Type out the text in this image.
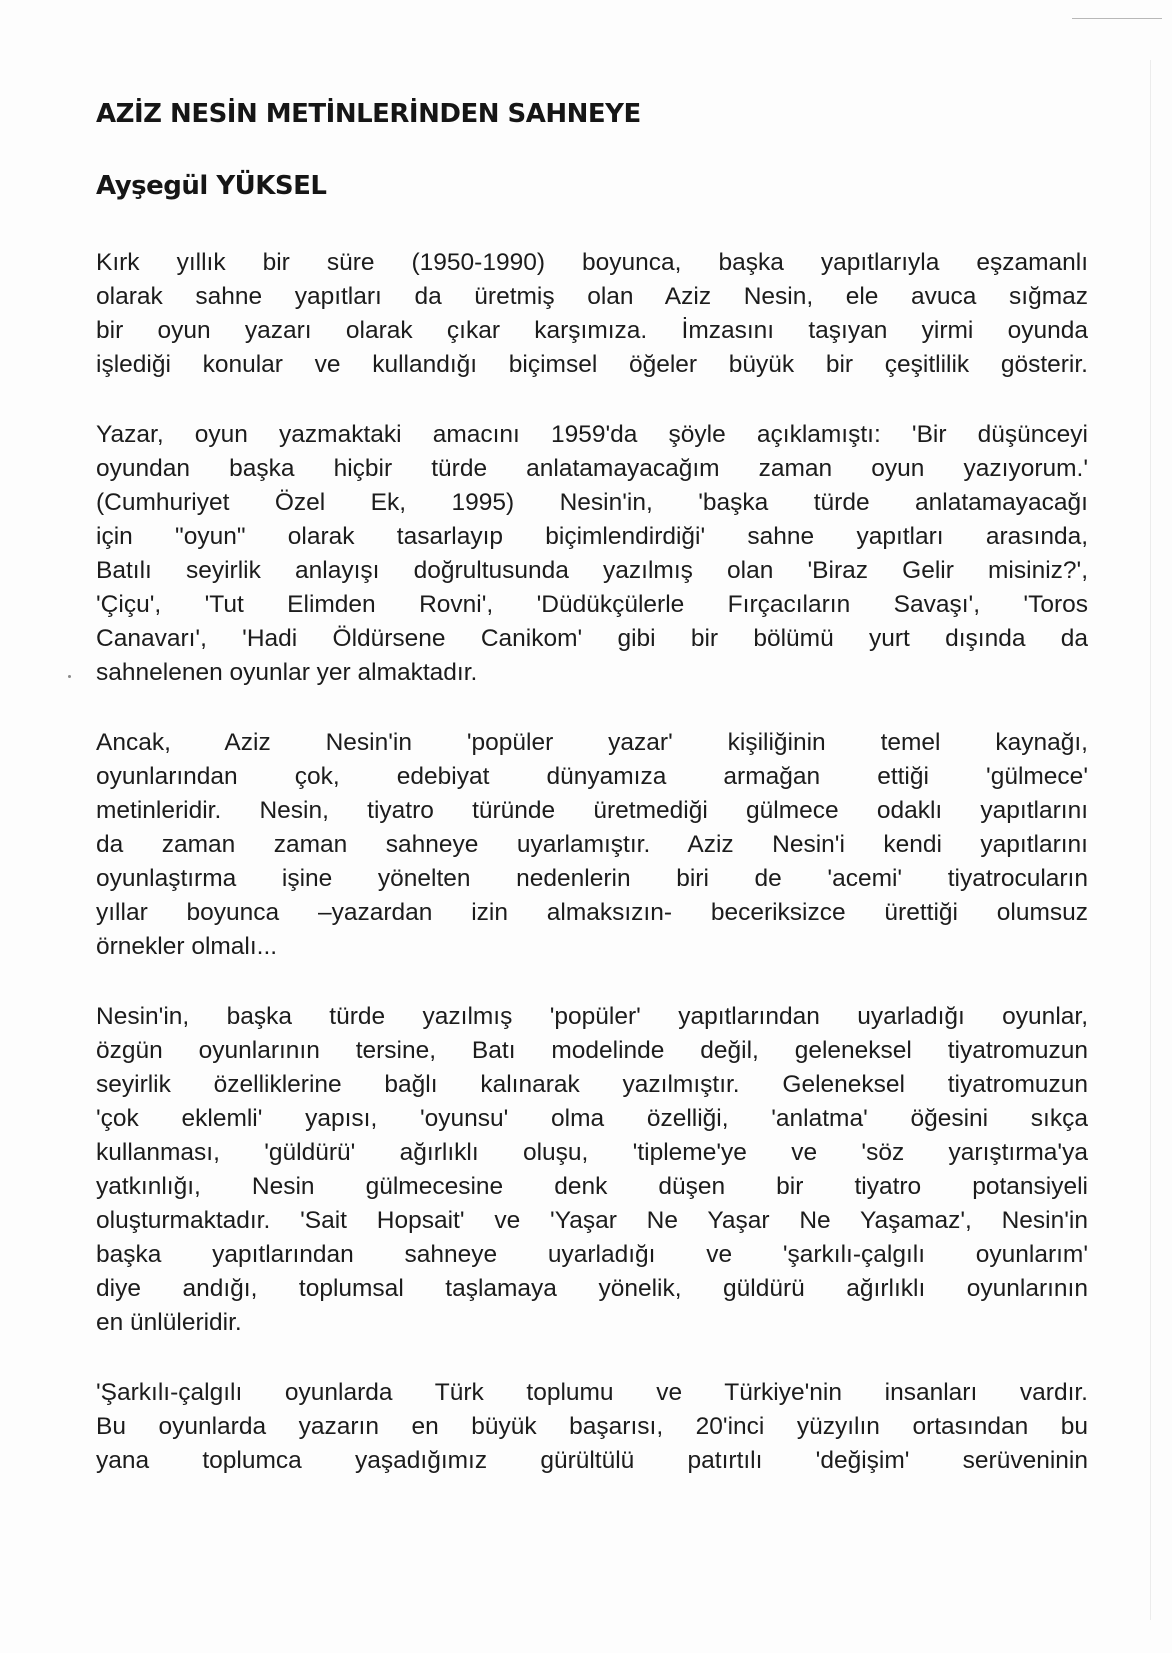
AZİZ NESİN METİNLERİNDEN SAHNEYE
Ayşegül YÜKSEL
Kırk yıllık bir süre (1950-1990) boyunca, başka yapıtlarıyla eşzamanlı
olarak sahne yapıtları da üretmiş olan Aziz Nesin, ele avuca sığmaz
bir oyun yazarı olarak çıkar karşımıza. İmzasını taşıyan yirmi oyunda
işlediği konular ve kullandığı biçimsel öğeler büyük bir çeşitlilik gösterir.
Yazar, oyun yazmaktaki amacını 1959'da şöyle açıklamıştı: 'Bir düşünceyi
oyundan başka hiçbir türde anlatamayacağım zaman oyun yazıyorum.'
(Cumhuriyet Özel Ek, 1995) Nesin'in, 'başka türde anlatamayacağı
için "oyun" olarak tasarlayıp biçimlendirdiği' sahne yapıtları arasında,
Batılı seyirlik anlayışı doğrultusunda yazılmış olan 'Biraz Gelir misiniz?',
'Çiçu', 'Tut Elimden Rovni', 'Düdükçülerle Fırçacıların Savaşı', 'Toros
Canavarı', 'Hadi Öldürsene Canikom' gibi bir bölümü yurt dışında da
sahnelenen oyunlar yer almaktadır.
Ancak, Aziz Nesin'in 'popüler yazar' kişiliğinin temel kaynağı,
oyunlarından çok, edebiyat dünyamıza armağan ettiği 'gülmece'
metinleridir. Nesin, tiyatro türünde üretmediği gülmece odaklı yapıtlarını
da zaman zaman sahneye uyarlamıştır. Aziz Nesin'i kendi yapıtlarını
oyunlaştırma işine yönelten nedenlerin biri de 'acemi' tiyatrocuların
yıllar boyunca –yazardan izin almaksızın- beceriksizce ürettiği olumsuz
örnekler olmalı...
Nesin'in, başka türde yazılmış 'popüler' yapıtlarından uyarladığı oyunlar,
özgün oyunlarının tersine, Batı modelinde değil, geleneksel tiyatromuzun
seyirlik özelliklerine bağlı kalınarak yazılmıştır. Geleneksel tiyatromuzun
'çok eklemli' yapısı, 'oyunsu' olma özelliği, 'anlatma' öğesini sıkça
kullanması, 'güldürü' ağırlıklı oluşu, 'tipleme'ye ve 'söz yarıştırma'ya
yatkınlığı, Nesin gülmecesine denk düşen bir tiyatro potansiyeli
oluşturmaktadır. 'Sait Hopsait' ve 'Yaşar Ne Yaşar Ne Yaşamaz', Nesin'in
başka yapıtlarından sahneye uyarladığı ve 'şarkılı-çalgılı oyunlarım'
diye andığı, toplumsal taşlamaya yönelik, güldürü ağırlıklı oyunlarının
en ünlüleridir.
'Şarkılı-çalgılı oyunlarda Türk toplumu ve Türkiye'nin insanları vardır.
Bu oyunlarda yazarın en büyük başarısı, 20'inci yüzyılın ortasından bu
yana toplumca yaşadığımız gürültülü patırtılı 'değişim' serüveninin
